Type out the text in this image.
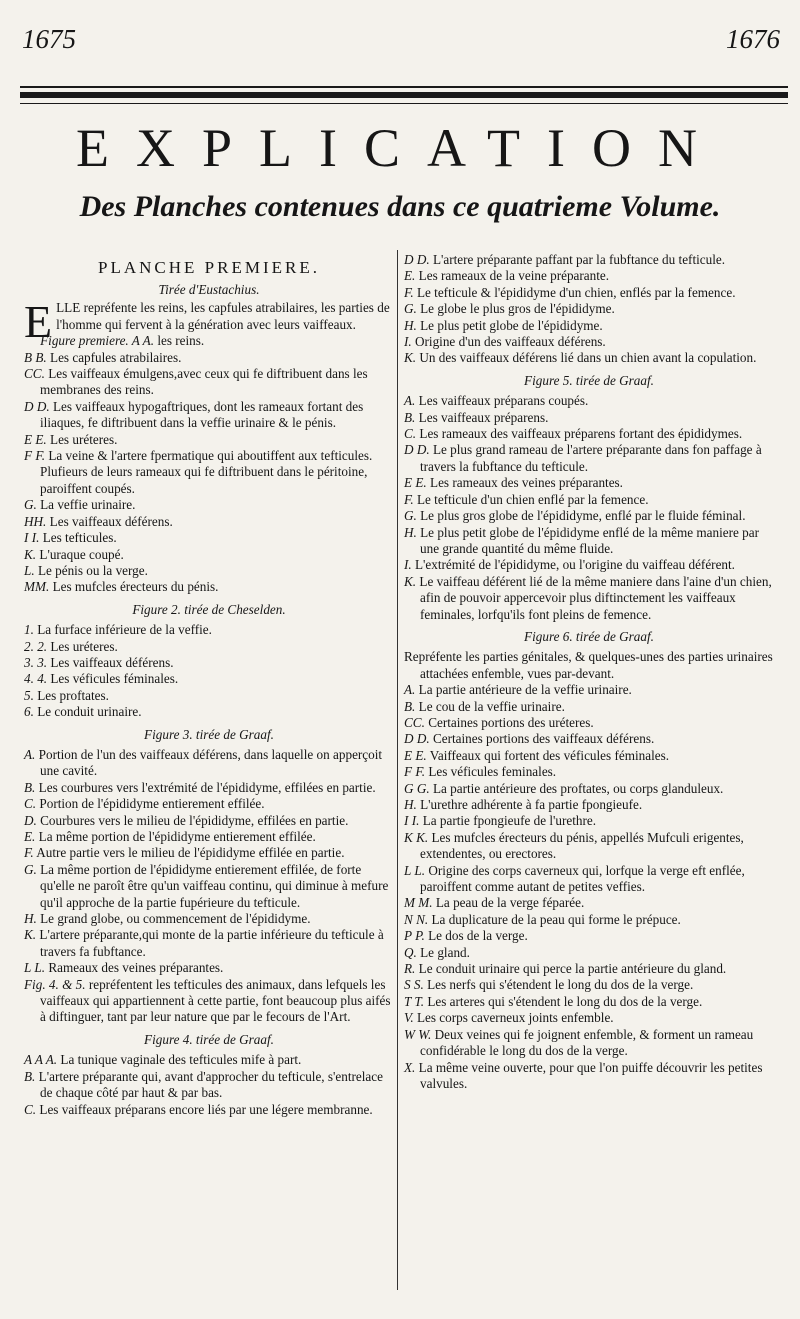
1675	1676
EXPLICATION
Des Planches contenues dans ce quatrieme Volume.
PLANCHE PREMIERE.
Tirée d'Eustachius.
ELLE repréfente les reins, les capfules atrabilaires, les parties de l'homme qui fervent à la génération avec leurs vaiffeaux.
Figure premiere. A A. les reins.
B B. Les capfules atrabilaires.
CC. Les vaiffeaux émulgens,avec ceux qui fe diftribuent dans les membranes des reins.
D D. Les vaiffeaux hypogaftriques, dont les rameaux fortant des iliaques, fe diftribuent dans la veffie urinaire & le pénis.
E E. Les uréteres.
F F. La veine & l'artere fpermatique qui aboutiffent aux tefticules. Plufieurs de leurs rameaux qui fe diftribuent dans le péritoine, paroiffent coupés.
G. La veffie urinaire.
HH. Les vaiffeaux déférens.
I I. Les tefticules.
K. L'uraque coupé.
L. Le pénis ou la verge.
MM. Les mufcles érecteurs du pénis.
Figure 2. tirée de Cheselden.
1. La furface inférieure de la veffie.
2. 2. Les uréteres.
3. 3. Les vaiffeaux déférens.
4. 4. Les véficules féminales.
5. Les proftates.
6. Le conduit urinaire.
Figure 3. tirée de Graaf.
A. Portion de l'un des vaiffeaux déférens, dans laquelle on apperçoit une cavité.
B. Les courbures vers l'extrémité de l'épididyme, effilées en partie.
C. Portion de l'épididyme entierement effilée.
D. Courbures vers le milieu de l'épididyme, effilées en partie.
E. La même portion de l'épididyme entierement effilée.
F. Autre partie vers le milieu de l'épididyme effilée en partie.
G. La même portion de l'épididyme entierement effilée, de forte qu'elle ne paroît être qu'un vaiffeau continu, qui diminue à mefure qu'il approche de la partie fupérieure du tefticule.
H. Le grand globe, ou commencement de l'épididyme.
K. L'artere préparante,qui monte de la partie inférieure du tefticule à travers fa fubftance.
L L. Rameaux des veines préparantes.
Fig. 4. & 5. repréfentent les tefticules des animaux, dans lefquels les vaiffeaux qui appartiennent à cette partie, font beaucoup plus aifés à diftinguer, tant par leur nature que par le fecours de l'Art.
Figure 4. tirée de Graaf.
A A A. La tunique vaginale des tefticules mife à part.
B. L'artere préparante qui, avant d'approcher du tefticule, s'entrelace de chaque côté par haut & par bas.
C. Les vaiffeaux préparans encore liés par une légere membranne.
D D. L'artere préparante paffant par la fubftance du tefticule.
E. Les rameaux de la veine préparante.
F. Le tefticule & l'épididyme d'un chien, enflés par la femence.
G. Le globe le plus gros de l'épididyme.
H. Le plus petit globe de l'épididyme.
I. Origine d'un des vaiffeaux déférens.
K. Un des vaiffeaux déférens lié dans un chien avant la copulation.
Figure 5. tirée de Graaf.
A. Les vaiffeaux préparans coupés.
B. Les vaiffeaux préparens.
C. Les rameaux des vaiffeaux préparens fortant des épididymes.
D D. Le plus grand rameau de l'artere préparante dans fon paffage à travers la fubftance du tefticule.
E E. Les rameaux des veines préparantes.
F. Le tefticule d'un chien enflé par la femence.
G. Le plus gros globe de l'épididyme, enflé par le fluide féminal.
H. Le plus petit globe de l'épididyme enflé de la même maniere par une grande quantité du même fluide.
I. L'extrémité de l'épididyme, ou l'origine du vaiffeau déférent.
K. Le vaiffeau déférent lié de la même maniere dans l'aine d'un chien, afin de pouvoir appercevoir plus diftinctement les vaiffeaux feminales, lorfqu'ils font pleins de femence.
Figure 6. tirée de Graaf.
Repréfente les parties génitales, & quelques-unes des parties urinaires attachées enfemble, vues par-devant.
A. La partie antérieure de la veffie urinaire.
B. Le cou de la veffie urinaire.
CC. Certaines portions des uréteres.
D D. Certaines portions des vaiffeaux déférens.
E E. Vaiffeaux qui fortent des véficules féminales.
F F. Les véficules feminales.
G G. La partie antérieure des proftates, ou corps glanduleux.
H. L'urethre adhérente à fa partie fpongieufe.
I I. La partie fpongieufe de l'urethre.
K K. Les mufcles érecteurs du pénis, appellés Mufculi erigentes, extendentes, ou erectores.
L L. Origine des corps caverneux qui, lorfque la verge eft enflée, paroiffent comme autant de petites veffies.
M M. La peau de la verge féparée.
N N. La duplicature de la peau qui forme le prépuce.
P P. Le dos de la verge.
Q. Le gland.
R. Le conduit urinaire qui perce la partie antérieure du gland.
S S. Les nerfs qui s'étendent le long du dos de la verge.
T T. Les arteres qui s'étendent le long du dos de la verge.
V. Les corps caverneux joints enfemble.
W W. Deux veines qui fe joignent enfemble, & forment un rameau confidérable le long du dos de la verge.
X. La même veine ouverte, pour que l'on puiffe découvrir les petites valvules.
